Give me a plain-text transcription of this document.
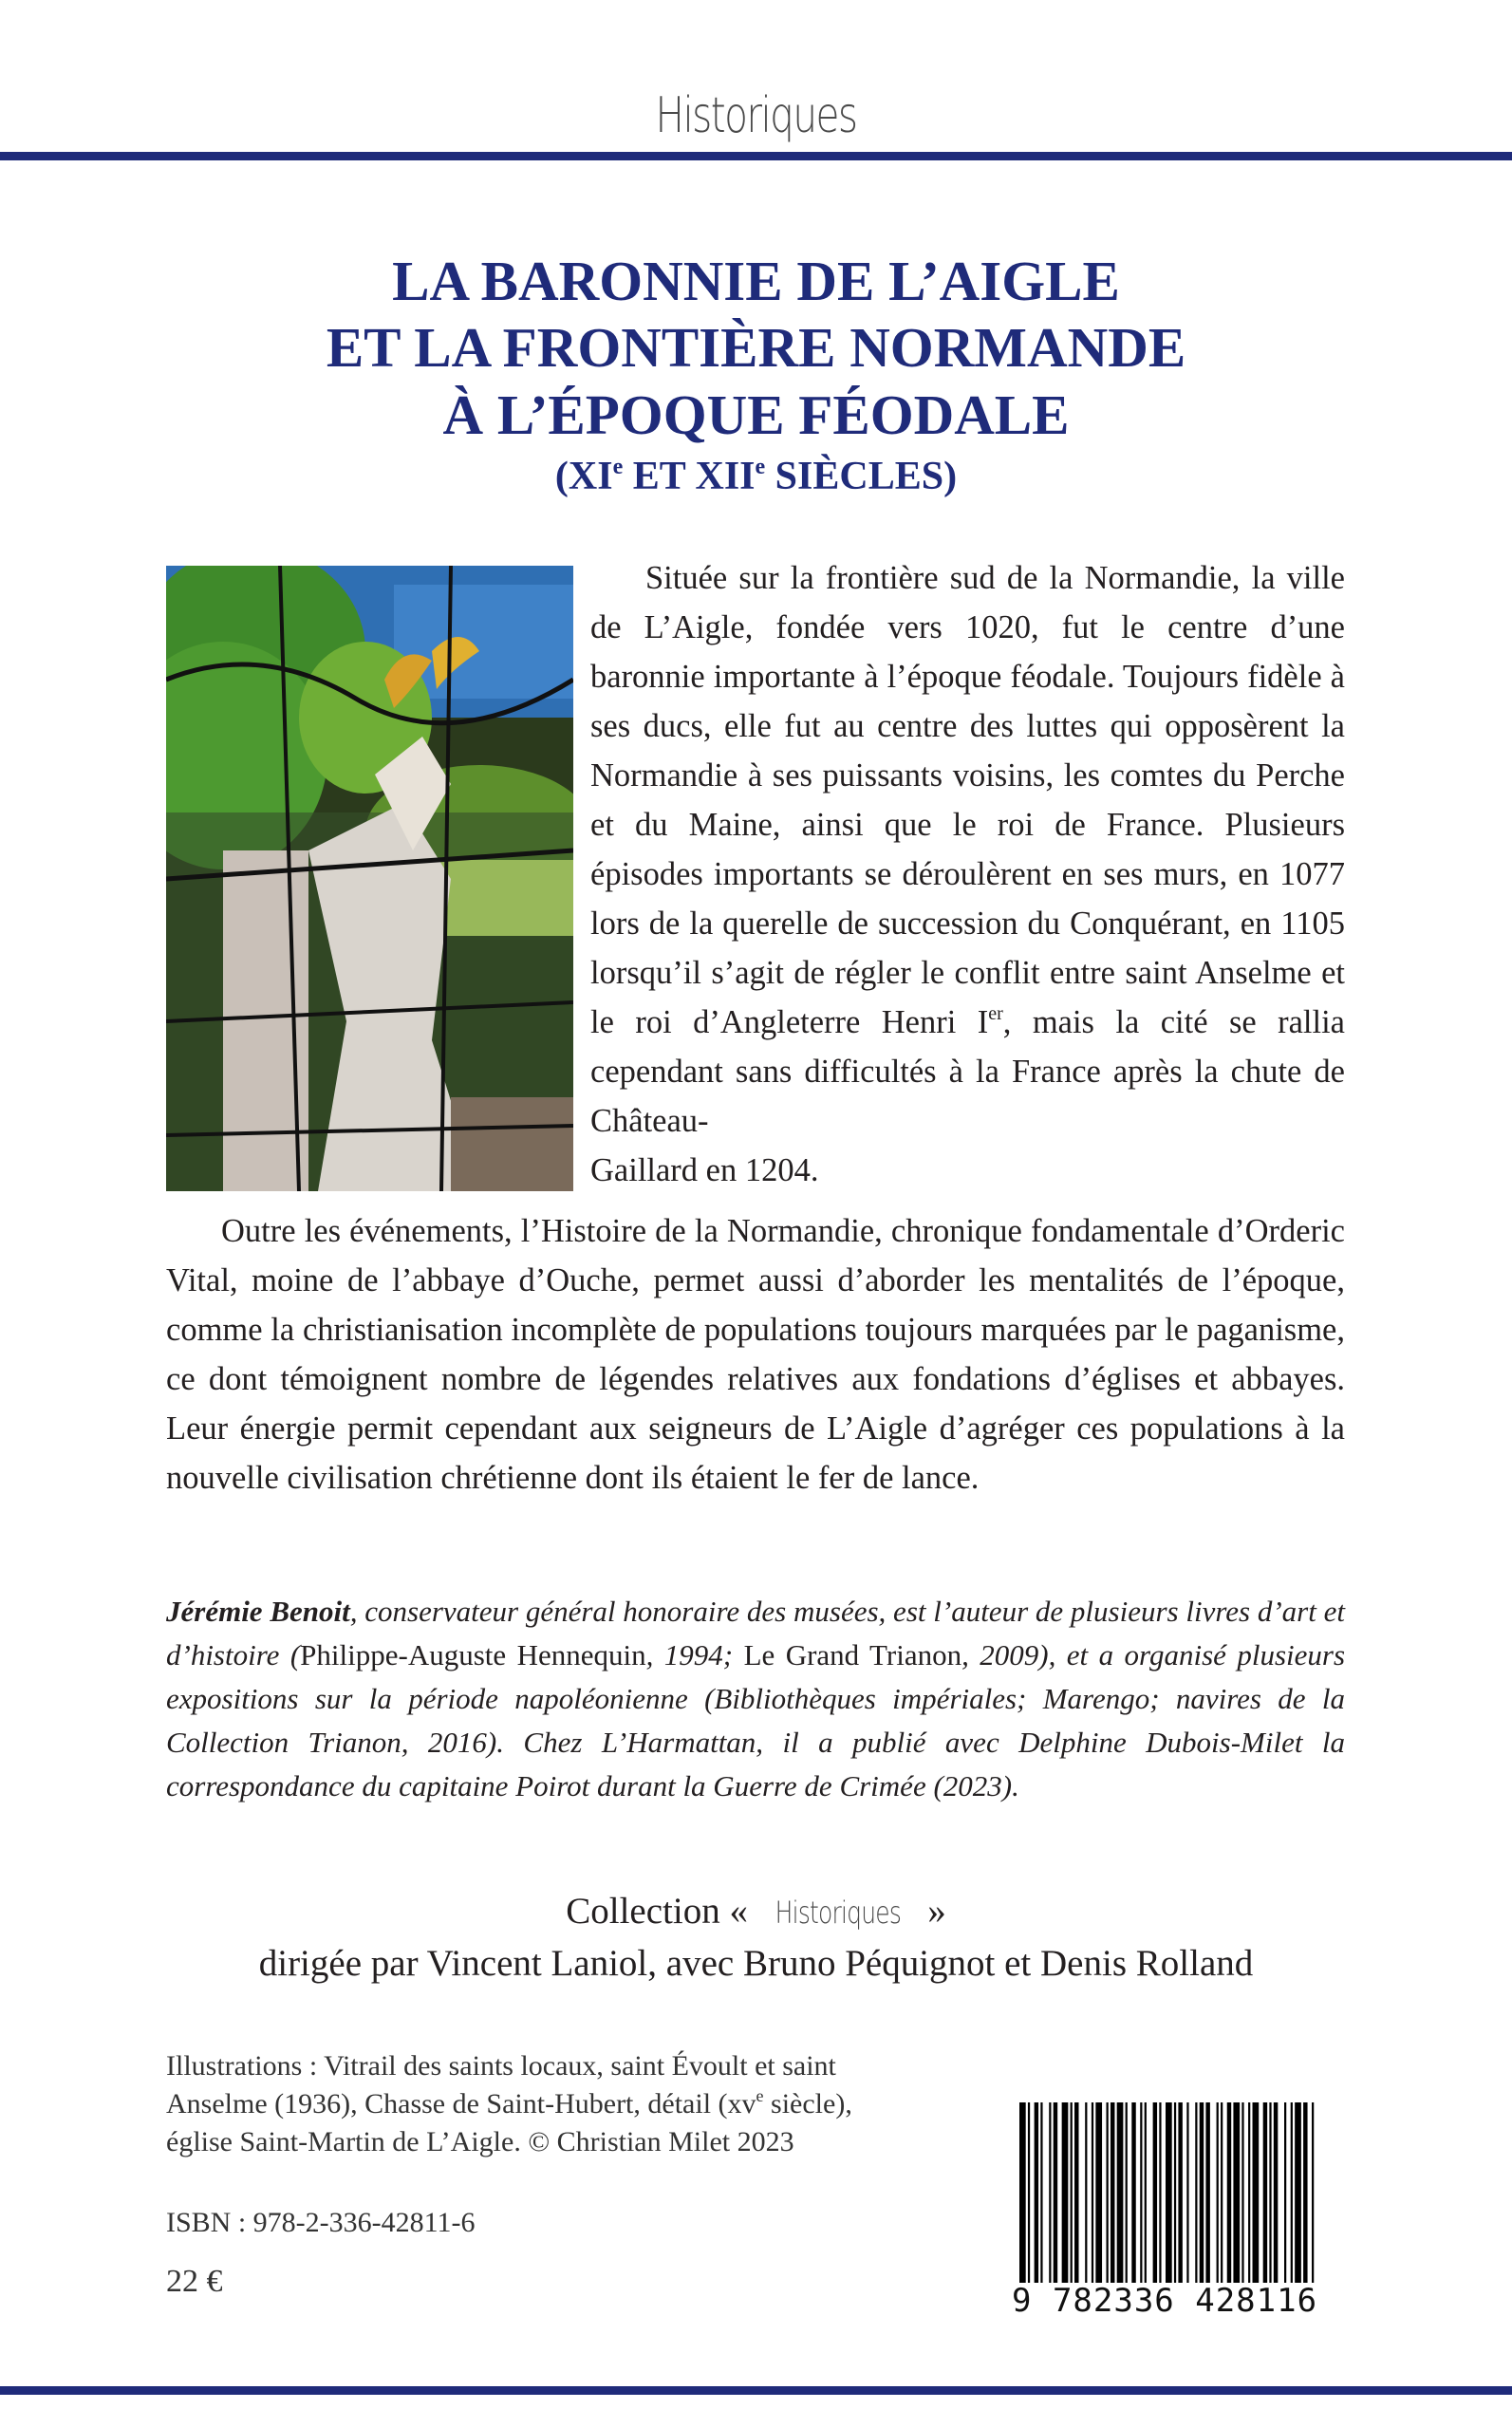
Historiques
LA BARONNIE DE L’AIGLE
ET LA FRONTIÈRE NORMANDE
À L’ÉPOQUE FÉODALE
(XIe ET XIIe SIÈCLES)

Située sur la frontière sud de la Normandie, la ville de L’Aigle, fondée vers 1020, fut le centre d’une baronnie importante à l’époque féodale. Toujours fidèle à ses ducs, elle fut au centre des luttes qui opposèrent la Normandie à ses puissants voisins, les comtes du Perche et du Maine, ainsi que le roi de France. Plusieurs épisodes importants se déroulèrent en ses murs, en 1077 lors de la querelle de succession du Conquérant, en 1105 lorsqu’il s’agit de régler le conflit entre saint Anselme et le roi d’Angleterre Henri Ier, mais la cité se rallia cependant sans difficultés à la France après la chute de Château-

Gaillard en 1204.

Outre les événements, l’Histoire de la Normandie, chronique fondamentale d’Orderic Vital, moine de l’abbaye d’Ouche, permet aussi d’aborder les mentalités de l’époque, comme la christianisation incomplète de populations toujours marquées par le paganisme, ce dont témoignent nombre de légendes relatives aux fondations d’églises et abbayes. Leur énergie permit cependant aux seigneurs de L’Aigle d’agréger ces populations à la nouvelle civilisation chrétienne dont ils étaient le fer de lance.

Jérémie Benoit, conservateur général honoraire des musées, est l’auteur de plusieurs livres d’art et d’histoire (Philippe-Auguste Hennequin, 1994; Le Grand Trianon, 2009), et a organisé plusieurs expositions sur la période napoléonienne (Bibliothèques impériales; Marengo; navires de la Collection Trianon, 2016). Chez L’Harmattan, il a publié avec Delphine Dubois-Milet la correspondance du capitaine Poirot durant la Guerre de Crimée (2023).
Collection « Historiques »
dirigée par Vincent Laniol, avec Bruno Péquignot et Denis Rolland
Illustrations : Vitrail des saints locaux, saint Évoult et saint Anselme (1936), Chasse de Saint-Hubert, détail ($xv^e$ siècle), église Saint-Martin de L’Aigle. © Christian Milet 2023
ISBN : 978-2-336-42811-6
22 €
9 782336 428116
